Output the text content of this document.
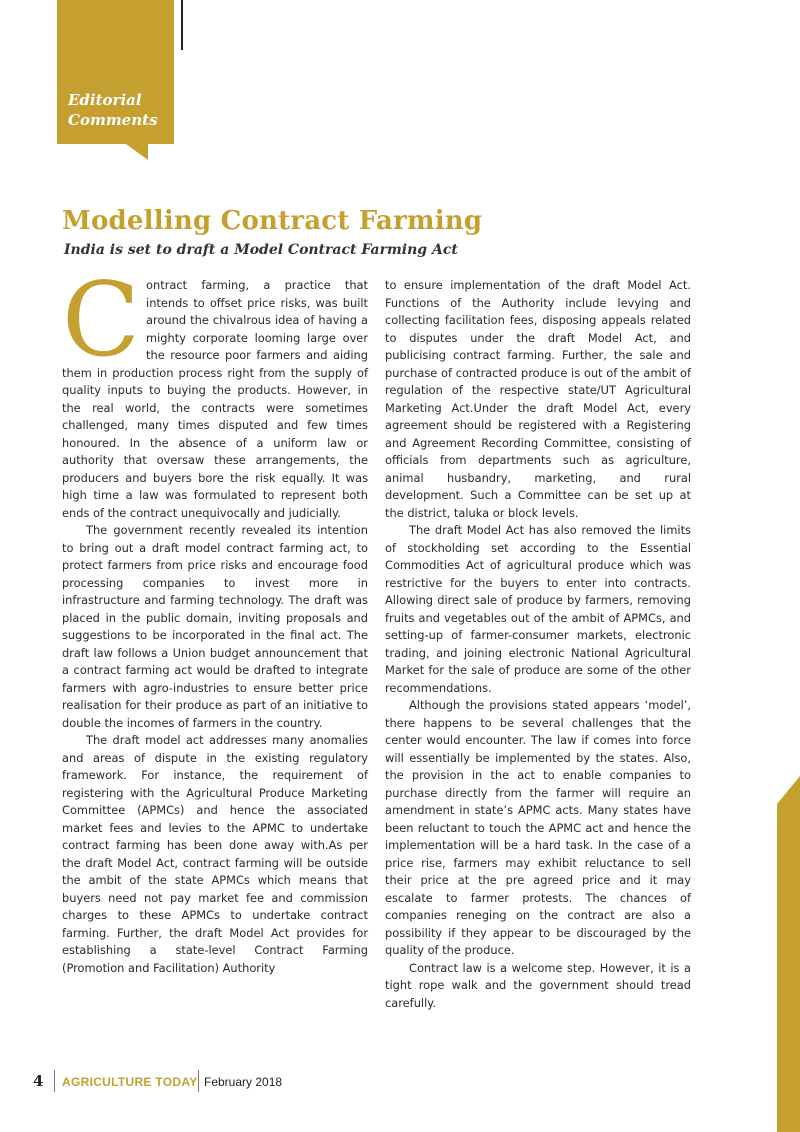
Editorial
Comments
Modelling Contract Farming
India is set to draft a Model Contract Farming Act

Contract farming, a practice that intends to offset price risks, was built around the chivalrous idea of having a mighty corporate looming large over the resource poor farmers and aiding them in production process right from the supply of quality inputs to buying the products. However, in the real world, the contracts were sometimes challenged, many times disputed and few times honoured. In the absence of a uniform law or authority that oversaw these arrangements, the producers and buyers bore the risk equally. It was high time a law was formulated to represent both ends of the contract unequivocally and judicially.

The government recently revealed its intention to bring out a draft model contract farming act, to protect farmers from price risks and encourage food processing companies to invest more in infrastructure and farming technology. The draft was placed in the public domain, inviting proposals and suggestions to be incorporated in the final act. The draft law follows a Union budget announcement that a contract farming act would be drafted to integrate farmers with agro-industries to ensure better price realisation for their produce as part of an initiative to double the incomes of farmers in the country.

The draft model act addresses many anomalies and areas of dispute in the existing regulatory framework. For instance, the requirement of registering with the Agricultural Produce Marketing Committee (APMCs) and hence the associated market fees and levies to the APMC to undertake contract farming has been done away with.As per the draft Model Act, contract farming will be outside the ambit of the state APMCs which means that buyers need not pay market fee and commission charges to these APMCs to undertake contract farming. Further, the draft Model Act provides for establishing a state-level Contract Farming (Promotion and Facilitation) Authority

to ensure implementation of the draft Model Act. Functions of the Authority include levying and collecting facilitation fees, disposing appeals related to disputes under the draft Model Act, and publicising contract farming. Further, the sale and purchase of contracted produce is out of the ambit of regulation of the respective state/UT Agricultural Marketing Act.Under the draft Model Act, every agreement should be registered with a Registering and Agreement Recording Committee, consisting of officials from departments such as agriculture, animal husbandry, marketing, and rural development. Such a Committee can be set up at the district, taluka or block levels.

The draft Model Act has also removed the limits of stockholding set according to the Essential Commodities Act of agricultural produce which was restrictive for the buyers to enter into contracts. Allowing direct sale of produce by farmers, removing fruits and vegetables out of the ambit of APMCs, and setting-up of farmer-consumer markets, electronic trading, and joining electronic National Agricultural Market for the sale of produce are some of the other recommendations.

Although the provisions stated appears ‘model’, there happens to be several challenges that the center would encounter. The law if comes into force will essentially be implemented by the states. Also, the provision in the act to enable companies to purchase directly from the farmer will require an amendment in state’s APMC acts. Many states have been reluctant to touch the APMC act and hence the implementation will be a hard task. In the case of a price rise, farmers may exhibit reluctance to sell their price at the pre agreed price and it may escalate to farmer protests. The chances of companies reneging on the contract are also a possibility if they appear to be discouraged by the quality of the produce.

Contract law is a welcome step. However, it is a tight rope walk and the government should tread carefully.

4 AGRICULTURE TODAY February 2018
